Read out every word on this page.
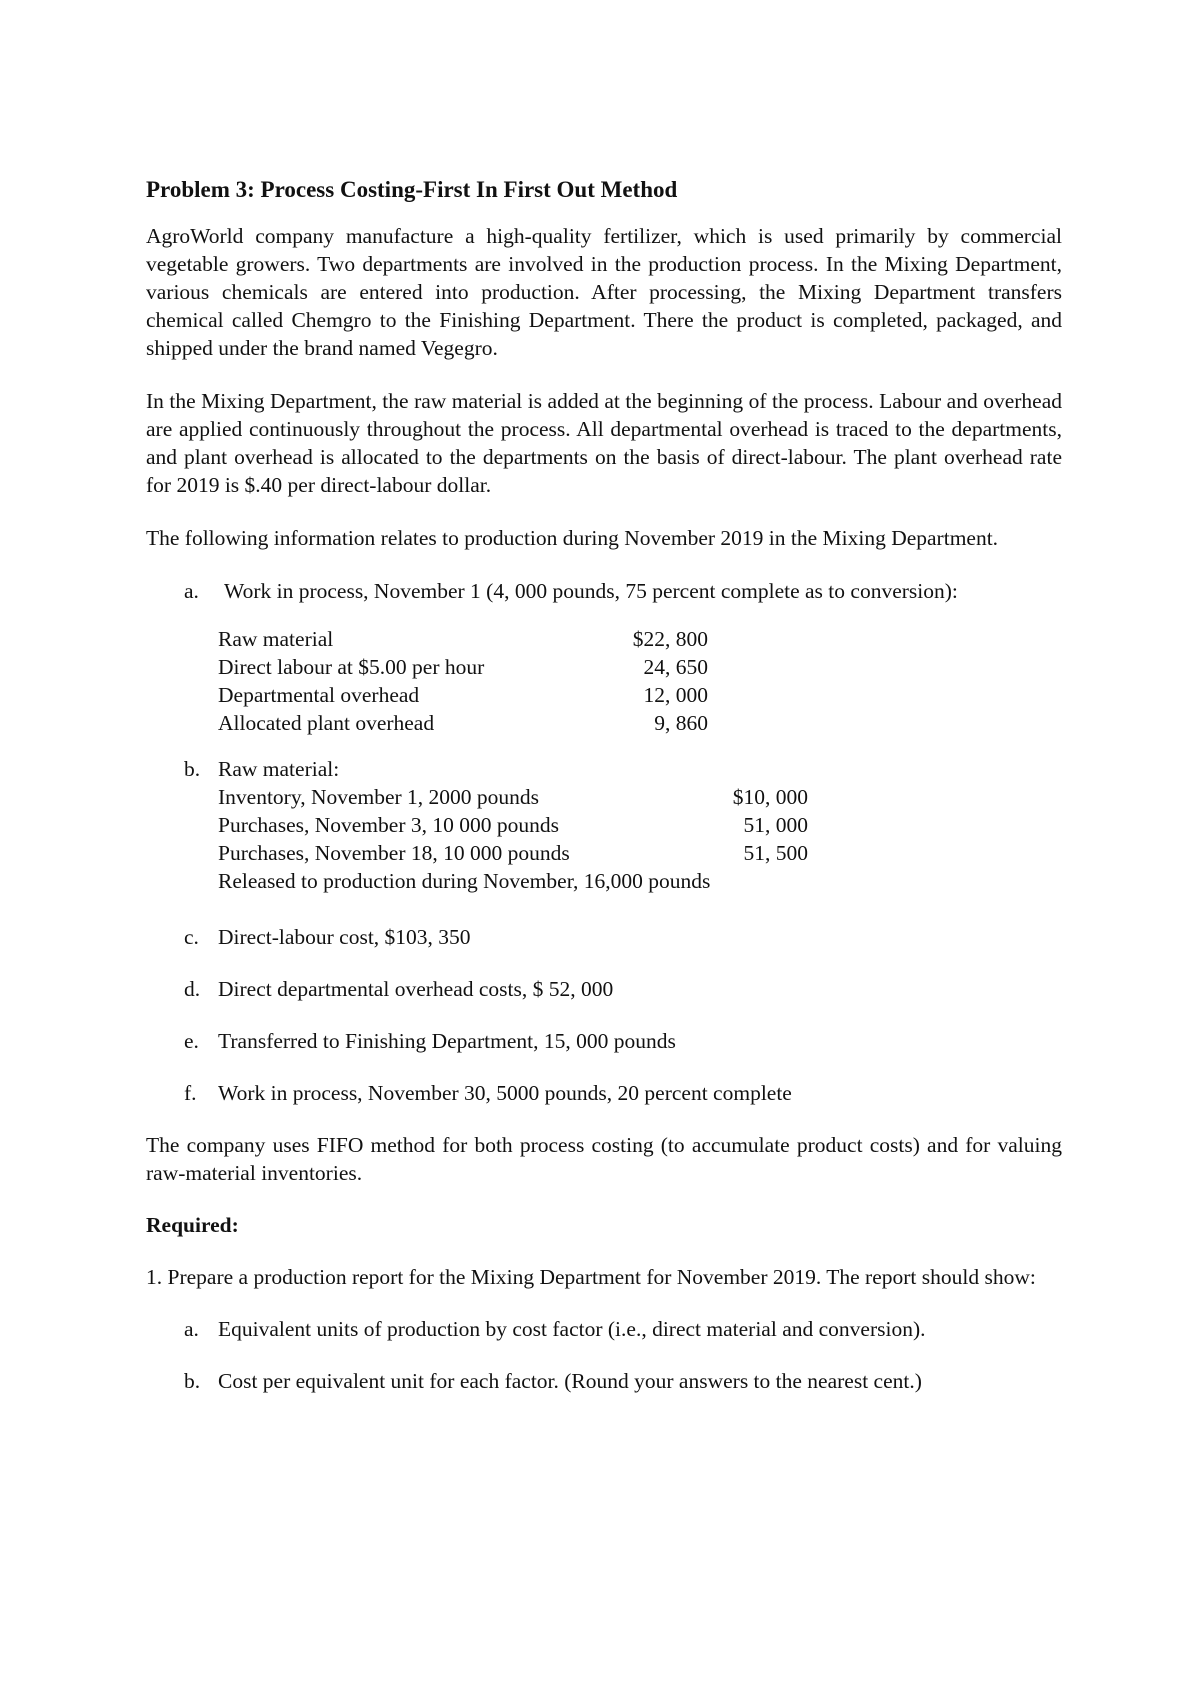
Problem 3: Process Costing-First In First Out Method
AgroWorld company manufacture a high-quality fertilizer, which is used primarily by commercial vegetable growers. Two departments are involved in the production process. In the Mixing Department, various chemicals are entered into production. After processing, the Mixing Department transfers chemical called Chemgro to the Finishing Department. There the product is completed, packaged, and shipped under the brand named Vegegro.
In the Mixing Department, the raw material is added at the beginning of the process. Labour and overhead are applied continuously throughout the process. All departmental overhead is traced to the departments, and plant overhead is allocated to the departments on the basis of direct-labour. The plant overhead rate for 2019 is $.40 per direct-labour dollar.
The following information relates to production during November 2019 in the Mixing Department.
a. Work in process, November 1 (4, 000 pounds, 75 percent complete as to conversion):
Raw material	$22, 800
Direct labour at $5.00 per hour	24, 650
Departmental overhead	12, 000
Allocated plant overhead	9, 860
b. Raw material:
Inventory, November 1, 2000 pounds	$10, 000
Purchases, November 3, 10 000 pounds	51, 000
Purchases, November 18, 10 000 pounds	51, 500
Released to production during November, 16,000 pounds
c. Direct-labour cost, $103, 350
d. Direct departmental overhead costs, $ 52, 000
e. Transferred to Finishing Department, 15, 000 pounds
f. Work in process, November 30, 5000 pounds, 20 percent complete
The company uses FIFO method for both process costing (to accumulate product costs) and for valuing raw-material inventories.
Required:
1. Prepare a production report for the Mixing Department for November 2019. The report should show:
a. Equivalent units of production by cost factor (i.e., direct material and conversion).
b. Cost per equivalent unit for each factor. (Round your answers to the nearest cent.)
